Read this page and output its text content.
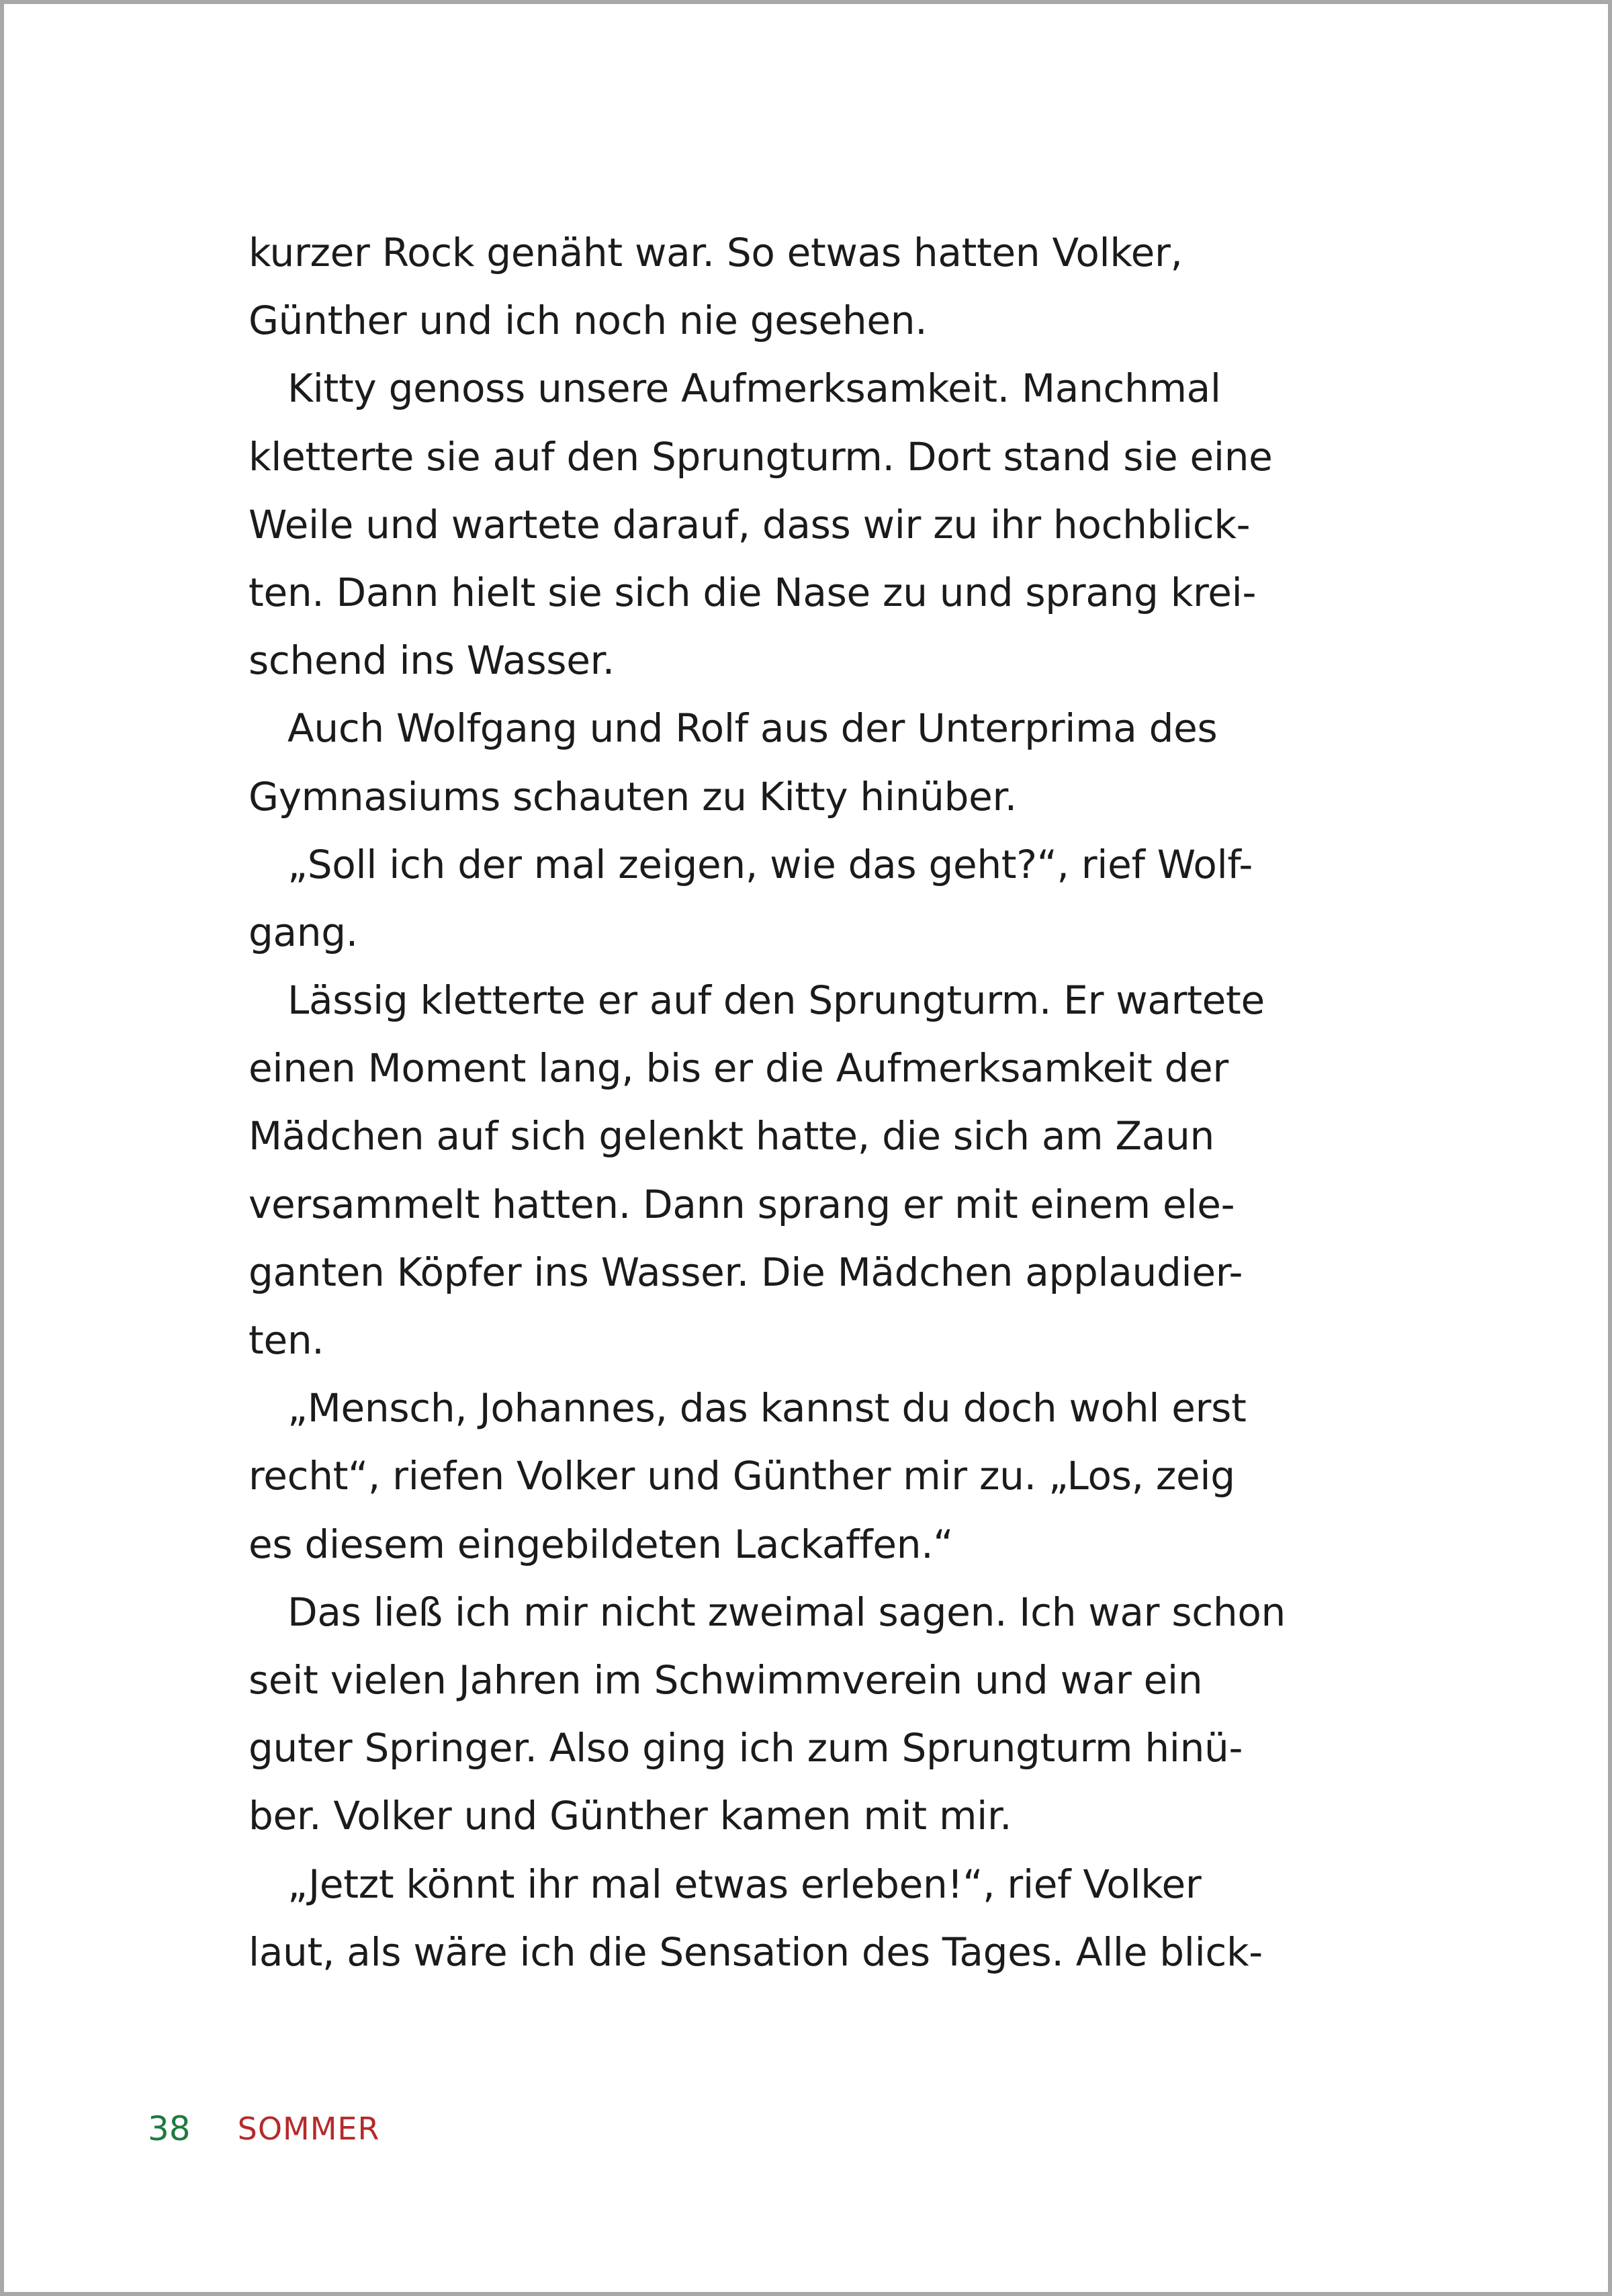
kurzer Rock genäht war. So etwas hatten Volker,
Günther und ich noch nie gesehen.
Kitty genoss unsere Aufmerksamkeit. Manchmal
kletterte sie auf den Sprungturm. Dort stand sie eine
Weile und wartete darauf, dass wir zu ihr hochblick-
ten. Dann hielt sie sich die Nase zu und sprang krei-
schend ins Wasser.
Auch Wolfgang und Rolf aus der Unterprima des
Gymnasiums schauten zu Kitty hinüber.
„Soll ich der mal zeigen, wie das geht?“, rief Wolf-
gang.
Lässig kletterte er auf den Sprungturm. Er wartete
einen Moment lang, bis er die Aufmerksamkeit der
Mädchen auf sich gelenkt hatte, die sich am Zaun
versammelt hatten. Dann sprang er mit einem ele-
ganten Köpfer ins Wasser. Die Mädchen applaudier-
ten.
„Mensch, Johannes, das kannst du doch wohl erst
recht“, riefen Volker und Günther mir zu. „Los, zeig
es diesem eingebildeten Lackaffen.“
Das ließ ich mir nicht zweimal sagen. Ich war schon
seit vielen Jahren im Schwimmverein und war ein
guter Springer. Also ging ich zum Sprungturm hinü-
ber. Volker und Günther kamen mit mir.
„Jetzt könnt ihr mal etwas erleben!“, rief Volker
laut, als wäre ich die Sensation des Tages. Alle blick-
38 SOMMER
